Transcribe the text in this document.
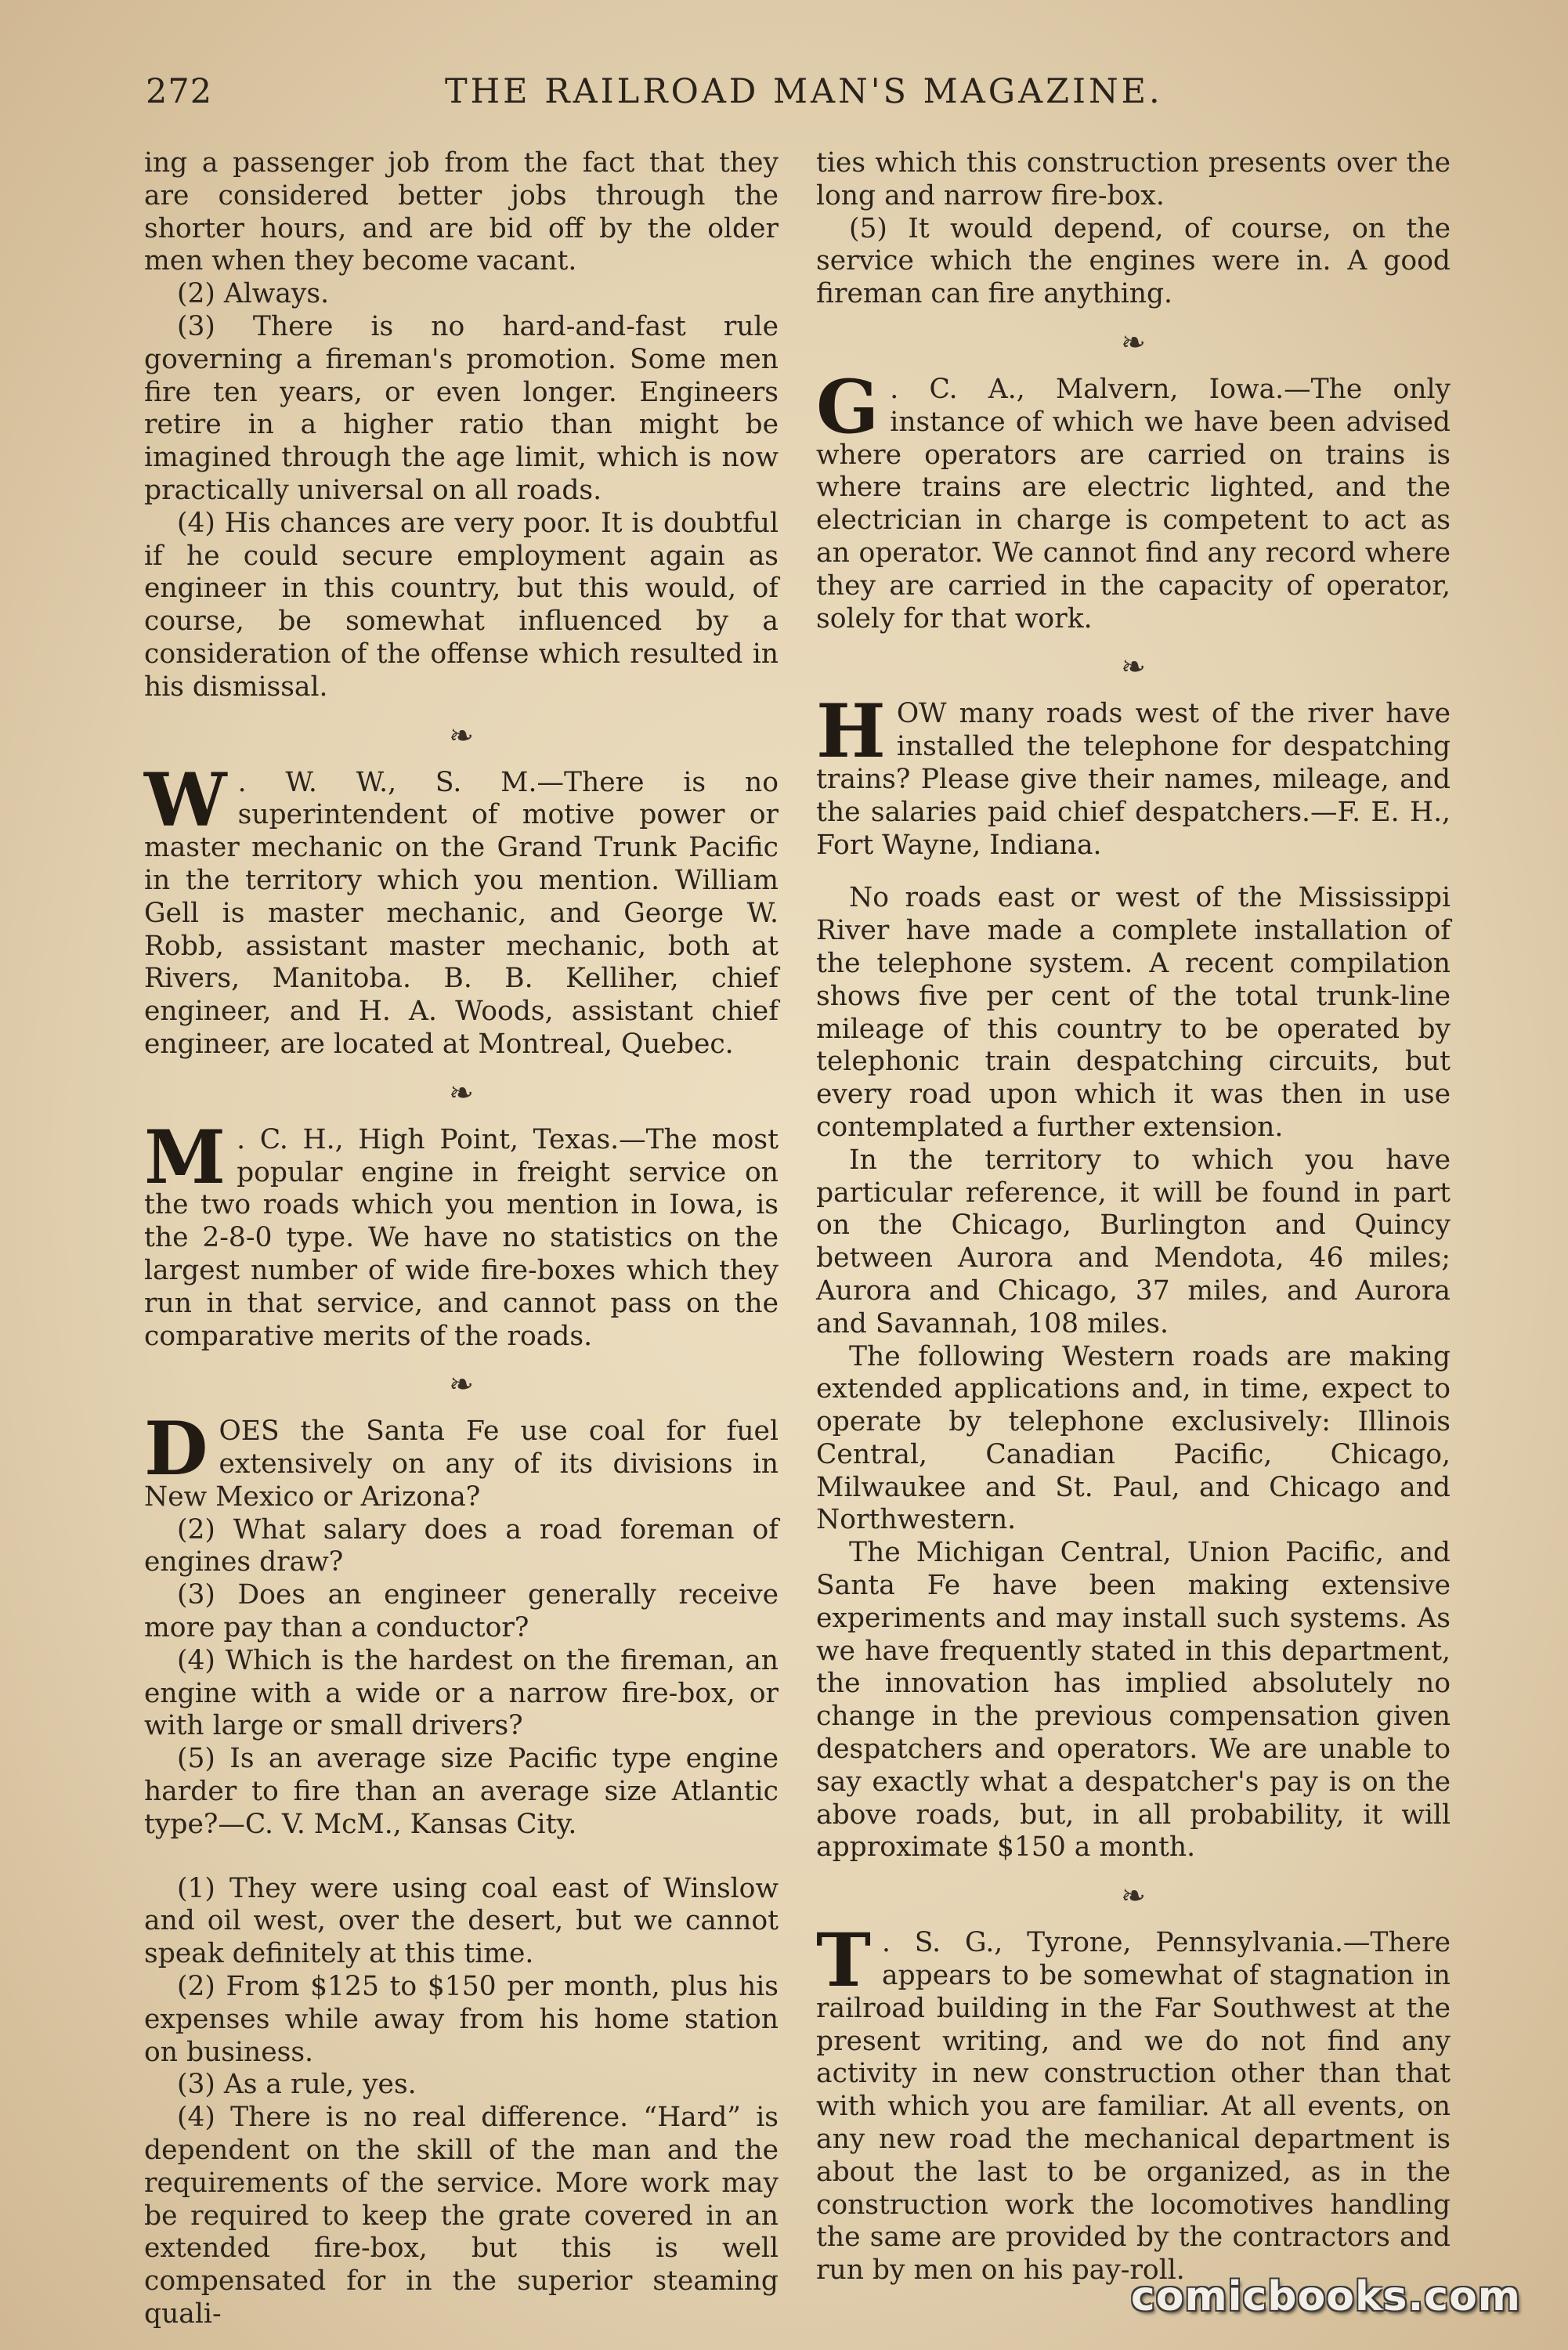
272	THE RAILROAD MAN'S MAGAZINE.

ing a passenger job from the fact that they are considered better jobs through the shorter hours, and are bid off by the older men when they become vacant.

(2) Always.

(3) There is no hard-and-fast rule governing a fireman's promotion. Some men fire ten years, or even longer. Engineers retire in a higher ratio than might be imagined through the age limit, which is now practically universal on all roads.

(4) His chances are very poor. It is doubtful if he could secure employment again as engineer in this country, but this would, of course, be somewhat influenced by a consideration of the offense which resulted in his dismissal.

❧
W . W. W., S. M.—There is no superintendent of motive power or master mechanic on the Grand Trunk Pacific in the territory which you mention. William Gell is master mechanic, and George W. Robb, assistant master mechanic, both at Rivers, Manitoba. B. B. Kelliher, chief engineer, and H. A. Woods, assistant chief engineer, are located at Montreal, Quebec.
❧
M . C. H., High Point, Texas.—The most popular engine in freight service on the two roads which you mention in Iowa, is the 2-8-0 type. We have no statistics on the largest number of wide fire-boxes which they run in that service, and cannot pass on the comparative merits of the roads.
❧
DOES the Santa Fe use coal for fuel extensively on any of its divisions in New Mexico or Arizona?

(2) What salary does a road foreman of engines draw?

(3) Does an engineer generally receive more pay than a conductor?

(4) Which is the hardest on the fireman, an engine with a wide or a narrow fire-box, or with large or small drivers?

(5) Is an average size Pacific type engine harder to fire than an average size Atlantic type?—C. V. McM., Kansas City.

(1) They were using coal east of Winslow and oil west, over the desert, but we cannot speak definitely at this time.

(2) From $125 to $150 per month, plus his expenses while away from his home station on business.

(3) As a rule, yes.

(4) There is no real difference. “Hard” is dependent on the skill of the man and the requirements of the service. More work may be required to keep the grate covered in an extended fire-box, but this is well compensated for in the superior steaming quali-

ties which this construction presents over the long and narrow fire-box.

(5) It would depend, of course, on the service which the engines were in. A good fireman can fire anything.

❧
G . C. A., Malvern, Iowa.—The only instance of which we have been advised where operators are carried on trains is where trains are electric lighted, and the electrician in charge is competent to act as an operator. We cannot find any record where they are carried in the capacity of operator, solely for that work.
❧
HOW many roads west of the river have installed the telephone for despatching trains? Please give their names, mileage, and the salaries paid chief despatchers.—F. E. H., Fort Wayne, Indiana.

No roads east or west of the Mississippi River have made a complete installation of the telephone system. A recent compilation shows five per cent of the total trunk-line mileage of this country to be operated by telephonic train despatching circuits, but every road upon which it was then in use contemplated a further extension.

In the territory to which you have particular reference, it will be found in part on the Chicago, Burlington and Quincy between Aurora and Mendota, 46 miles; Aurora and Chicago, 37 miles, and Aurora and Savannah, 108 miles.

The following Western roads are making extended applications and, in time, expect to operate by telephone exclusively: Illinois Central, Canadian Pacific, Chicago, Milwaukee and St. Paul, and Chicago and Northwestern.

The Michigan Central, Union Pacific, and Santa Fe have been making extensive experiments and may install such systems. As we have frequently stated in this department, the innovation has implied absolutely no change in the previous compensation given despatchers and operators. We are unable to say exactly what a despatcher's pay is on the above roads, but, in all probability, it will approximate $150 a month.

❧
T . S. G., Tyrone, Pennsylvania.—There appears to be somewhat of stagnation in railroad building in the Far Southwest at the present writing, and we do not find any activity in new construction other than that with which you are familiar. At all events, on any new road the mechanical department is about the last to be organized, as in the construction work the locomotives handling the same are provided by the contractors and run by men on his pay-roll.
comicbooks.com
